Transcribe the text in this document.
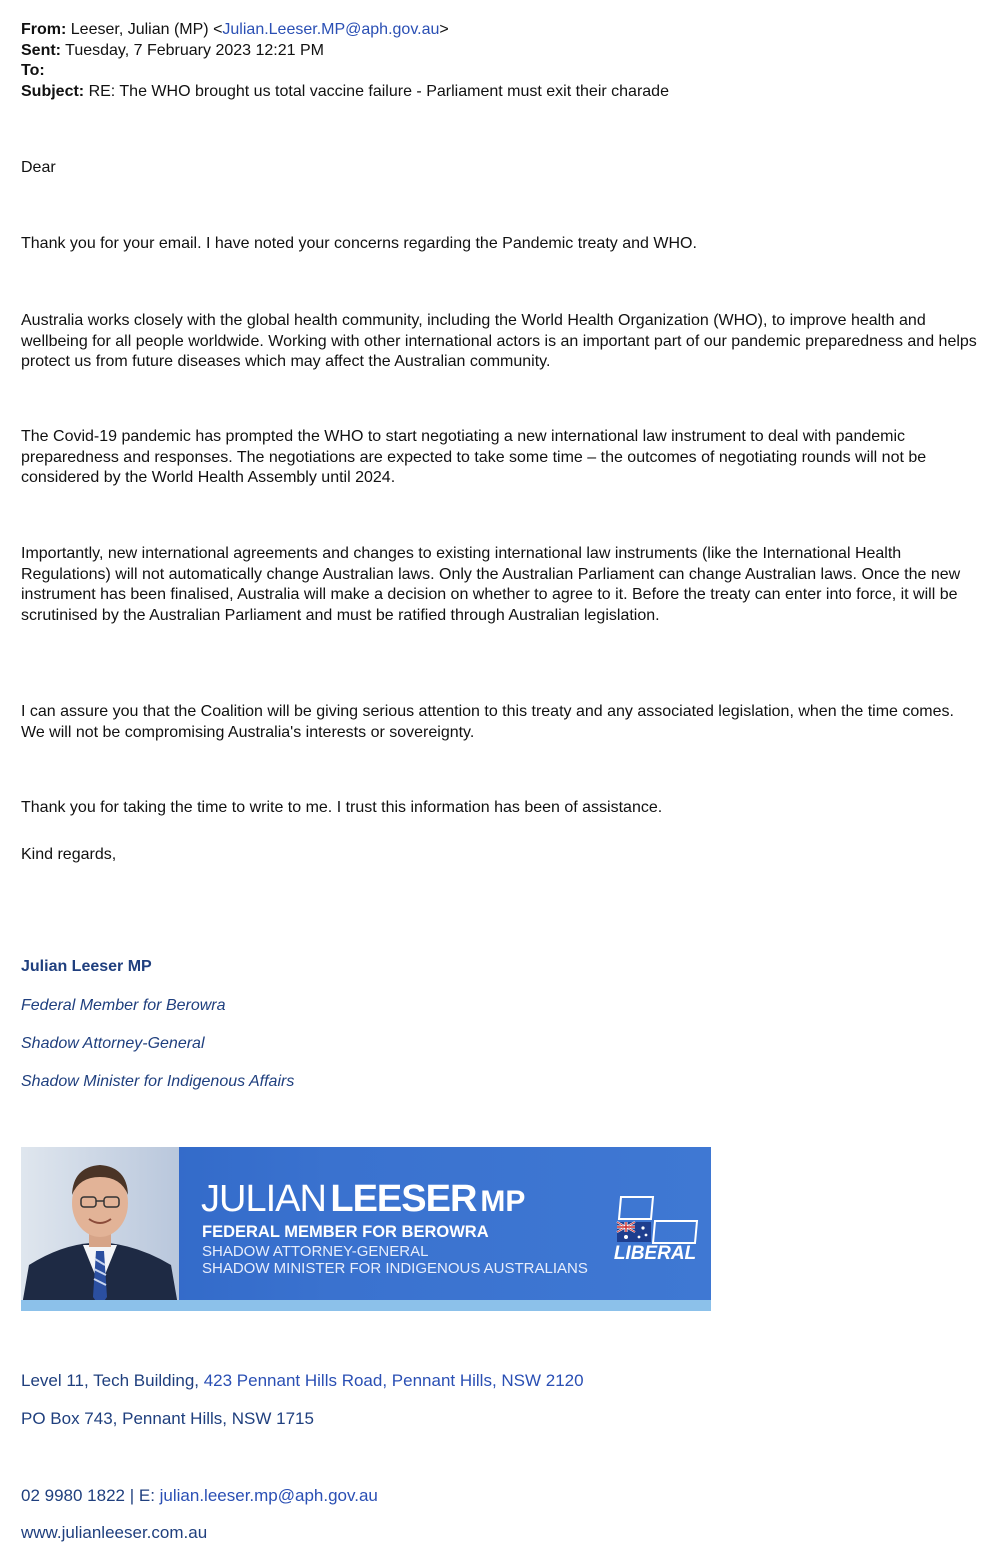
From: Leeser, Julian (MP) <Julian.Leeser.MP@aph.gov.au>
Sent: Tuesday, 7 February 2023 12:21 PM
To:
Subject: RE: The WHO brought us total vaccine failure - Parliament must exit their charade

Dear

Thank you for your email. I have noted your concerns regarding the Pandemic treaty and WHO.

Australia works closely with the global health community, including the World Health Organization (WHO), to improve health and wellbeing for all people worldwide. Working with other international actors is an important part of our pandemic preparedness and helps protect us from future diseases which may affect the Australian community.

The Covid-19 pandemic has prompted the WHO to start negotiating a new international law instrument to deal with pandemic preparedness and responses. The negotiations are expected to take some time – the outcomes of negotiating rounds will not be considered by the World Health Assembly until 2024.

Importantly, new international agreements and changes to existing international law instruments (like the International Health Regulations) will not automatically change Australian laws. Only the Australian Parliament can change Australian laws. Once the new instrument has been finalised, Australia will make a decision on whether to agree to it. Before the treaty can enter into force, it will be scrutinised by the Australian Parliament and must be ratified through Australian legislation.

I can assure you that the Coalition will be giving serious attention to this treaty and any associated legislation, when the time comes. We will not be compromising Australia's interests or sovereignty.

Thank you for taking the time to write to me. I trust this information has been of assistance.

Kind regards,

Julian Leeser MP
Federal Member for Berowra
Shadow Attorney-General
Shadow Minister for Indigenous Affairs
JULIAN LEESER MP
FEDERAL MEMBER FOR BEROWRA
SHADOW ATTORNEY-GENERAL
SHADOW MINISTER FOR INDIGENOUS AUSTRALIANS
LIBERAL
Level 11, Tech Building, 423 Pennant Hills Road, Pennant Hills, NSW 2120
PO Box 743, Pennant Hills, NSW 1715
02 9980 1822 | E: julian.leeser.mp@aph.gov.au
www.julianleeser.com.au
